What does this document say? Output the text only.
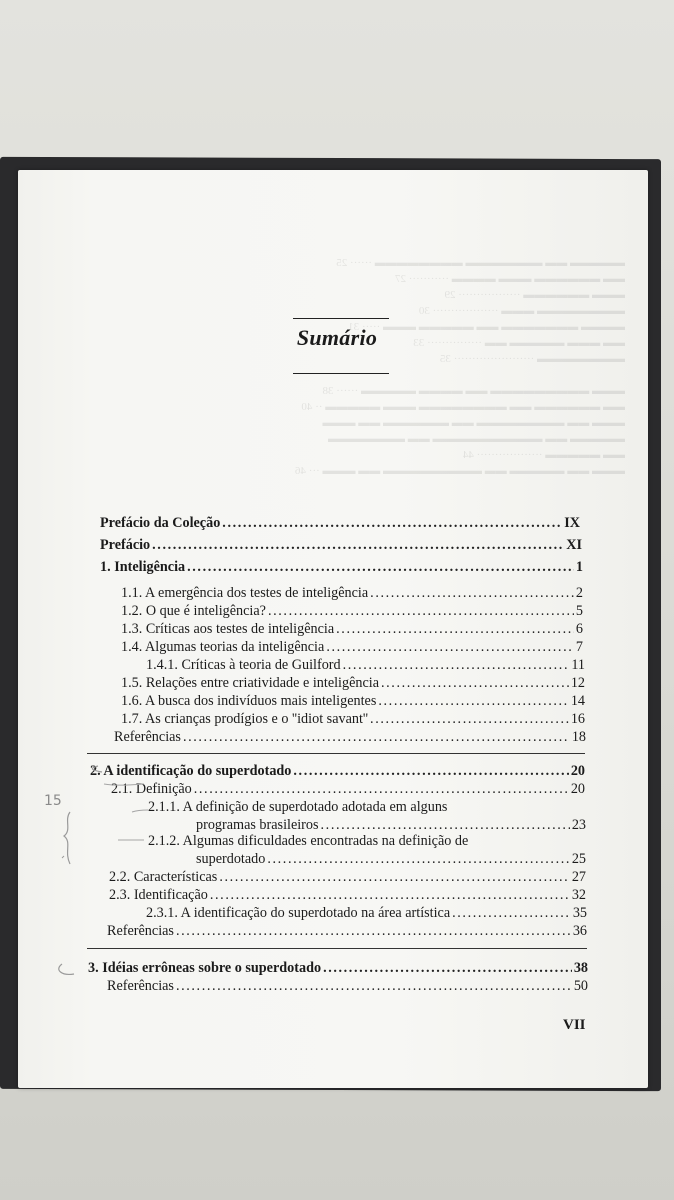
▬▬▬▬▬ ▬▬ ▬▬▬▬▬▬▬ ▬▬▬▬▬▬▬▬ ······ 25
▬▬ ▬▬▬▬▬▬ ▬▬▬ ▬▬▬▬ ··········· 27
▬▬▬ ▬▬▬▬▬▬ ················· 29
▬▬▬▬▬▬▬▬ ▬▬▬ ·················· 30
▬▬▬▬ ▬▬▬▬▬▬▬ ▬▬ ▬▬▬▬▬ ▬▬▬ ····· 31
▬▬ ▬▬▬ ▬▬▬▬▬ ▬▬ ··············· 33
▬▬▬▬▬▬▬▬ ······················ 35

▬▬▬ ▬▬▬▬▬▬▬▬▬ ▬▬ ▬▬▬▬ ▬▬▬▬▬ ······ 38
▬▬ ▬▬▬▬▬▬ ▬▬ ▬▬▬▬▬▬▬▬ ▬▬▬ ▬▬▬▬▬ ·· 40
▬▬▬ ▬▬ ▬▬▬▬▬▬▬▬ ▬▬ ▬▬▬▬▬▬ ▬▬ ▬▬▬
▬▬▬▬▬ ▬▬ ▬▬▬▬▬▬▬▬▬▬ ▬▬ ▬▬▬▬▬▬▬
▬▬ ▬▬▬▬▬ ·················· 44
▬▬▬ ▬▬ ▬▬▬▬▬ ▬▬ ▬▬▬▬▬▬▬▬▬ ▬▬ ▬▬▬ ··· 46
Sumário
Prefácio da Coleção .....	IX
Prefácio .....	XI
1. Inteligência .....	1
1.1. A emergência dos testes de inteligência .....	2
1.2. O que é inteligência? .....	5
1.3. Críticas aos testes de inteligência .....	6
1.4. Algumas teorias da inteligência .....	7
1.4.1. Críticas à teoria de Guilford .....	11
1.5. Relações entre criatividade e inteligência .....	12
1.6. A busca dos indivíduos mais inteligentes .....	14
1.7. As crianças prodígios e o ''idiot savant'' .....	16
Referências .....	18
2. A identificação do superdotado .....	20
2.1. Definição .....	20
2.1.1. A definição de superdotado adotada em alguns
programas brasileiros .....	23
2.1.2. Algumas dificuldades encontradas na definição de
superdotado .....	25
2.2. Características .....	27
2.3. Identificação .....	32
2.3.1. A identificação do superdotado na área artística .....	35
Referências .....	36
3. Idéias errôneas sobre o superdotado .....	38
Referências .....	50
VII
15
